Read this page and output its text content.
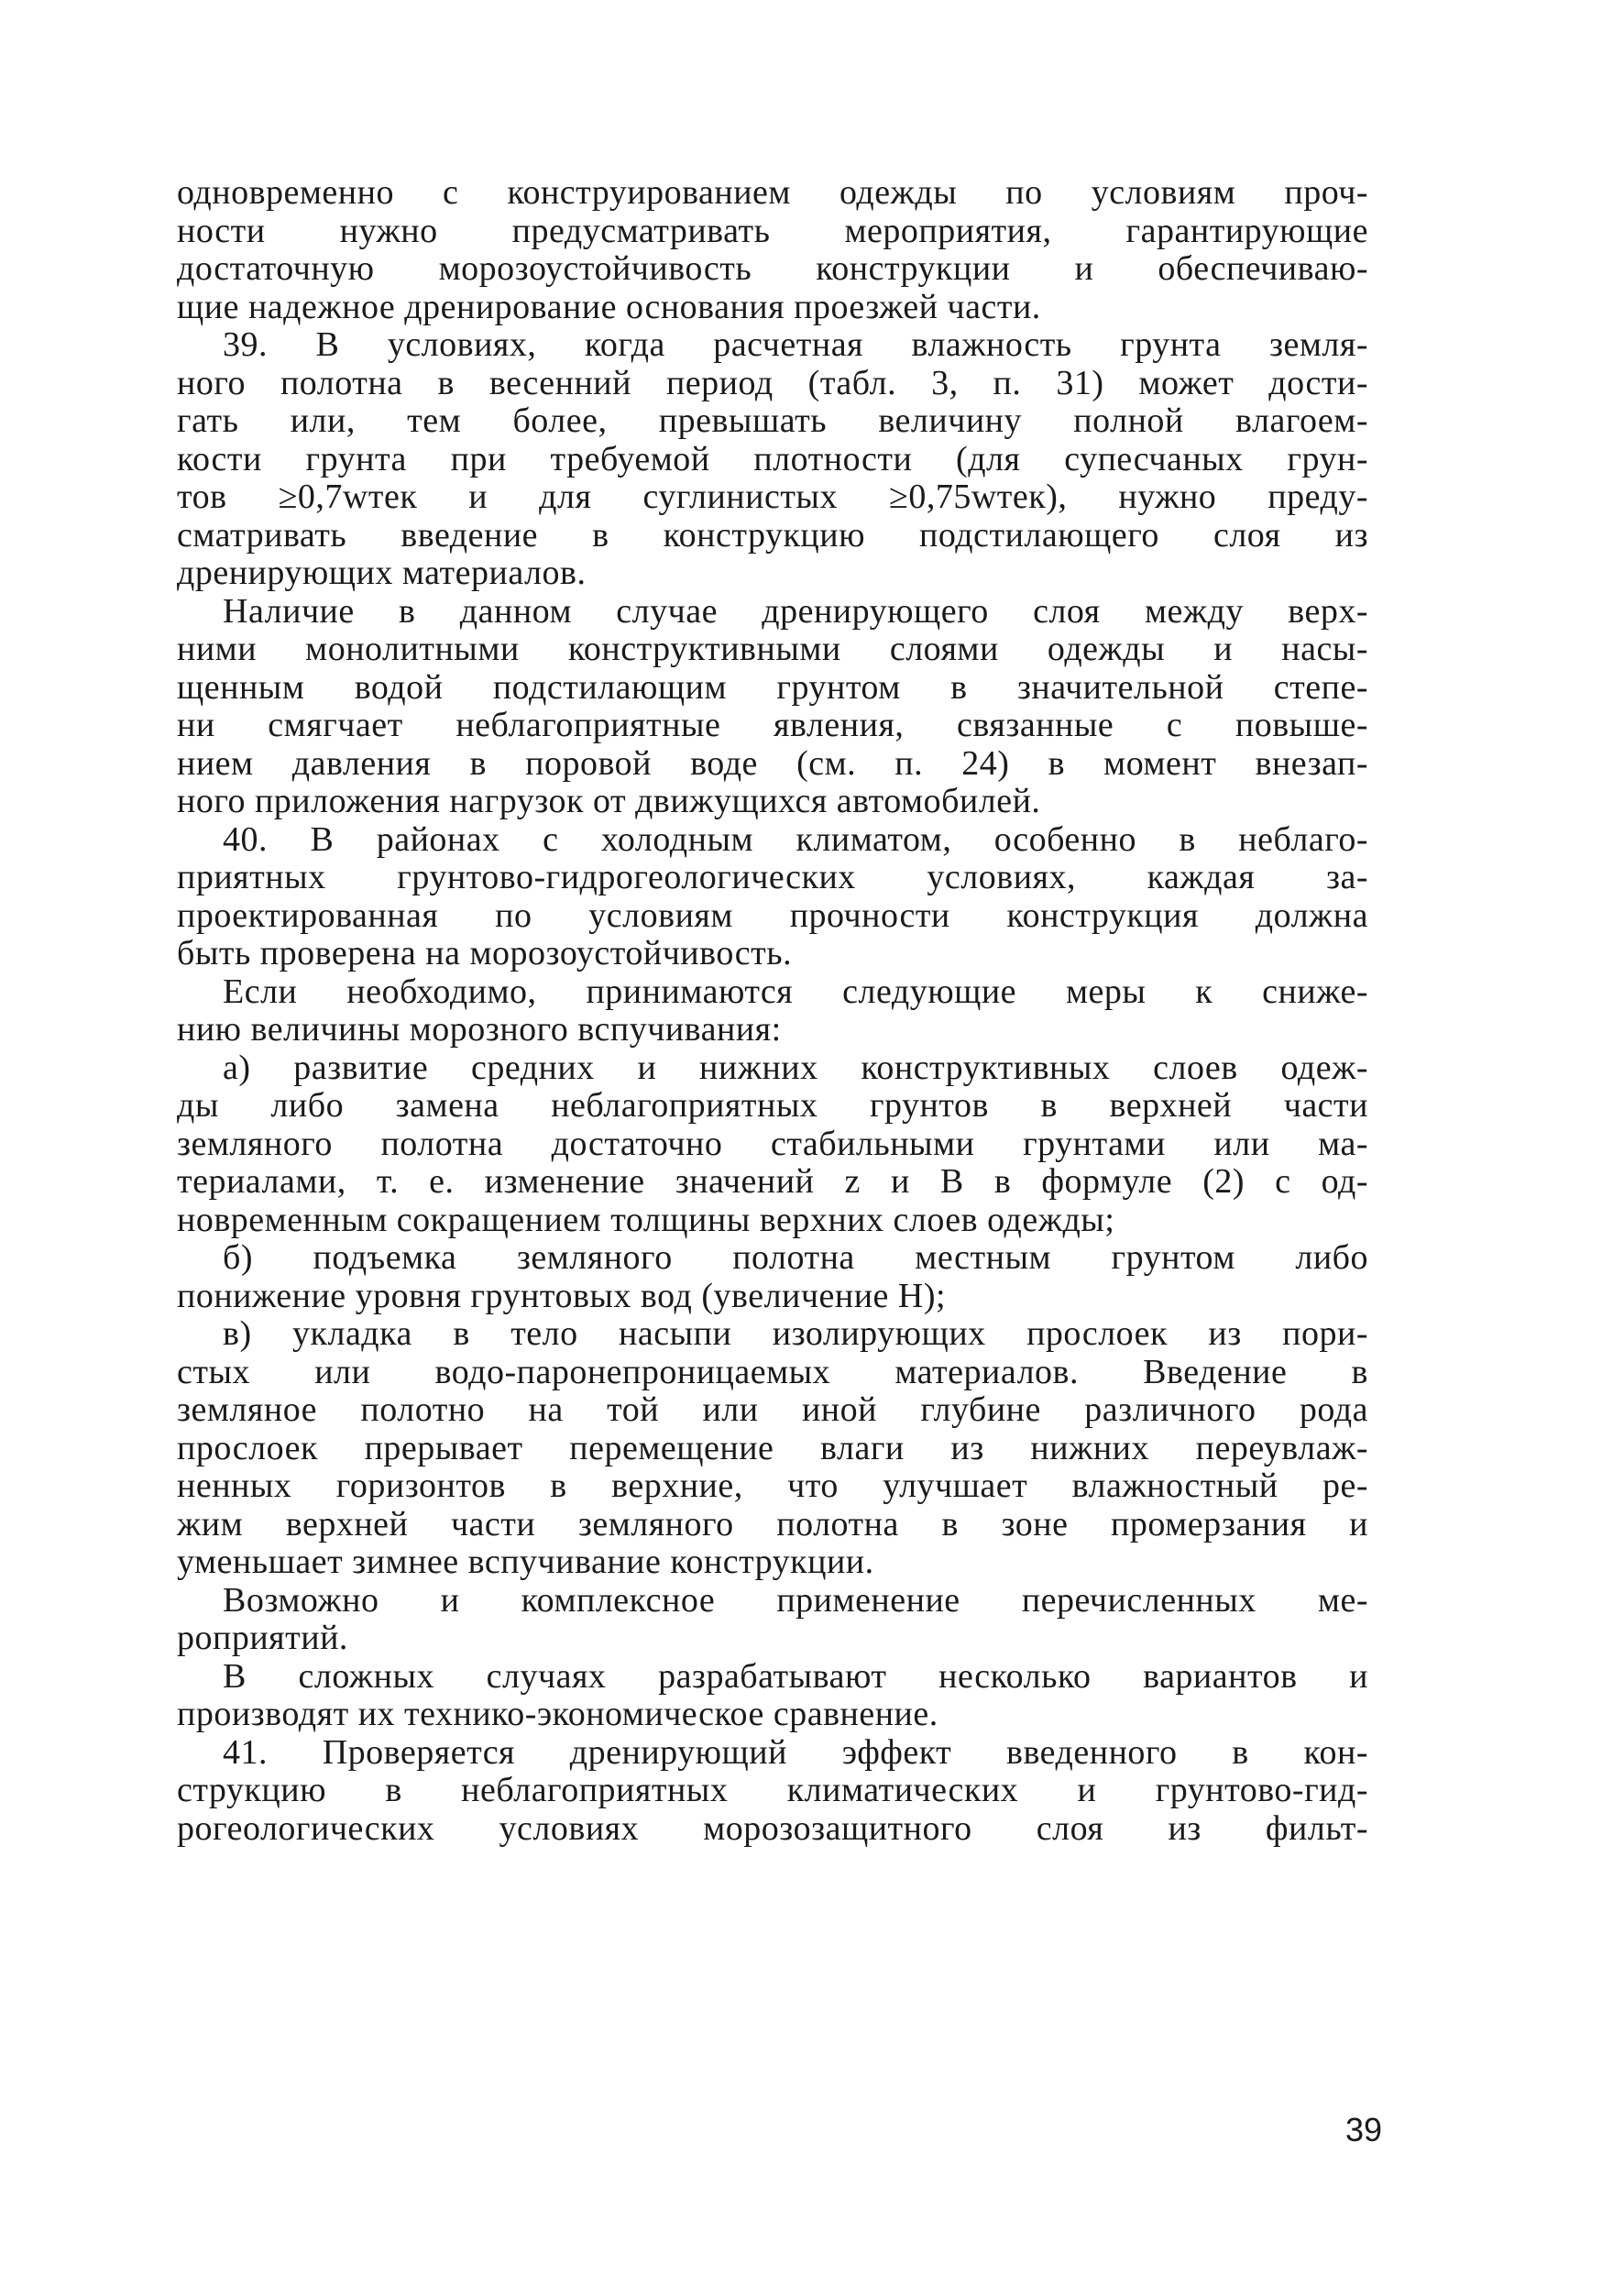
одновременно с конструированием одежды по условиям проч-
ности нужно предусматривать мероприятия, гарантирующие
достаточную морозоустойчивость конструкции и обеспечиваю-
щие надежное дренирование основания проезжей части.
39. В условиях, когда расчетная влажность грунта земля-
ного полотна в весенний период (табл. 3, п. 31) может дости-
гать или, тем более, превышать величину полной влагоем-
кости грунта при требуемой плотности (для супесчаных грун-
тов ≥0,7wтек и для суглинистых ≥0,75wтек), нужно преду-
сматривать введение в конструкцию подстилающего слоя из
дренирующих материалов.
Наличие в данном случае дренирующего слоя между верх-
ними монолитными конструктивными слоями одежды и насы-
щенным водой подстилающим грунтом в значительной степе-
ни смягчает неблагоприятные явления, связанные с повыше-
нием давления в поровой воде (см. п. 24) в момент внезап-
ного приложения нагрузок от движущихся автомобилей.
40. В районах с холодным климатом, особенно в неблаго-
приятных грунтово-гидрогеологических условиях, каждая за-
проектированная по условиям прочности конструкция должна
быть проверена на морозоустойчивость.
Если необходимо, принимаются следующие меры к сниже-
нию величины морозного вспучивания:
а) развитие средних и нижних конструктивных слоев одеж-
ды либо замена неблагоприятных грунтов в верхней части
земляного полотна достаточно стабильными грунтами или ма-
териалами, т. е. изменение значений z и B в формуле (2) с од-
новременным сокращением толщины верхних слоев одежды;
б) подъемка земляного полотна местным грунтом либо
понижение уровня грунтовых вод (увеличение H);
в) укладка в тело насыпи изолирующих прослоек из пори-
стых или водо-паронепроницаемых материалов. Введение в
земляное полотно на той или иной глубине различного рода
прослоек прерывает перемещение влаги из нижних переувлаж-
ненных горизонтов в верхние, что улучшает влажностный ре-
жим верхней части земляного полотна в зоне промерзания и
уменьшает зимнее вспучивание конструкции.
Возможно и комплексное применение перечисленных ме-
роприятий.
В сложных случаях разрабатывают несколько вариантов и
производят их технико-экономическое сравнение.
41. Проверяется дренирующий эффект введенного в кон-
струкцию в неблагоприятных климатических и грунтово-гид-
рогеологических условиях морозозащитного слоя из фильт-
39
